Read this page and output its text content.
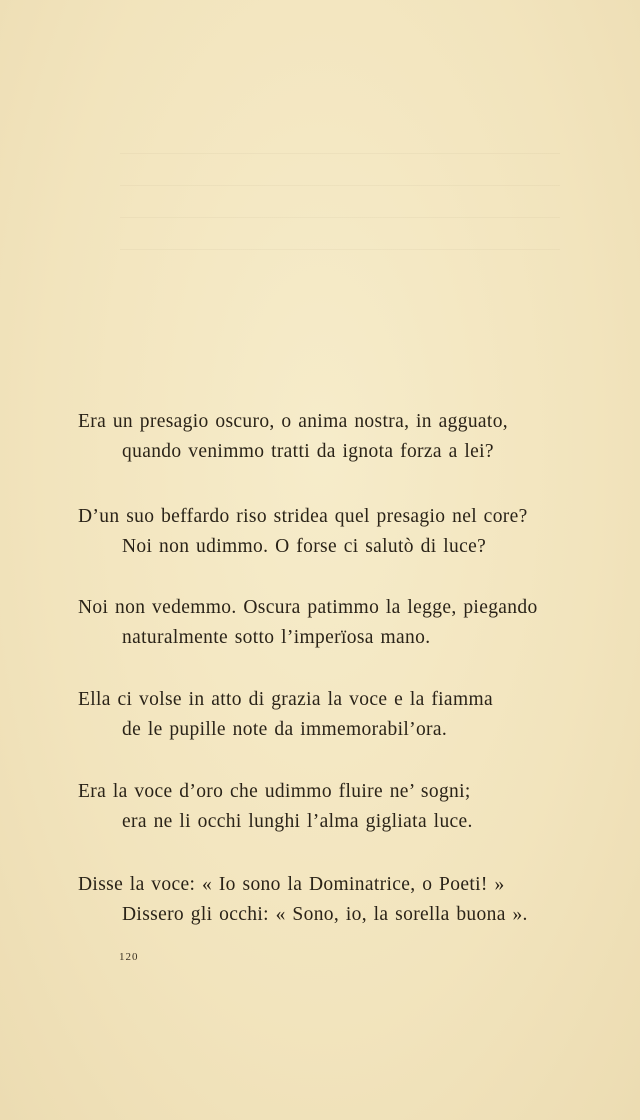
Era un presagio oscuro, o anima nostra, in agguato,
quando venimmo tratti da ignota forza a lei?
D’un suo beffardo riso stridea quel presagio nel core?
Noi non udimmo. O forse ci salutò di luce?
Noi non vedemmo. Oscura patimmo la legge, piegando
naturalmente sotto l’imperïosa mano.
Ella ci volse in atto di grazia la voce e la fiamma
de le pupille note da immemorabil’ora.
Era la voce d’oro che udimmo fluire ne’ sogni;
era ne li occhi lunghi l’alma gigliata luce.
Disse la voce: « Io sono la Dominatrice, o Poeti! »
Dissero gli occhi: « Sono, io, la sorella buona ».
120
